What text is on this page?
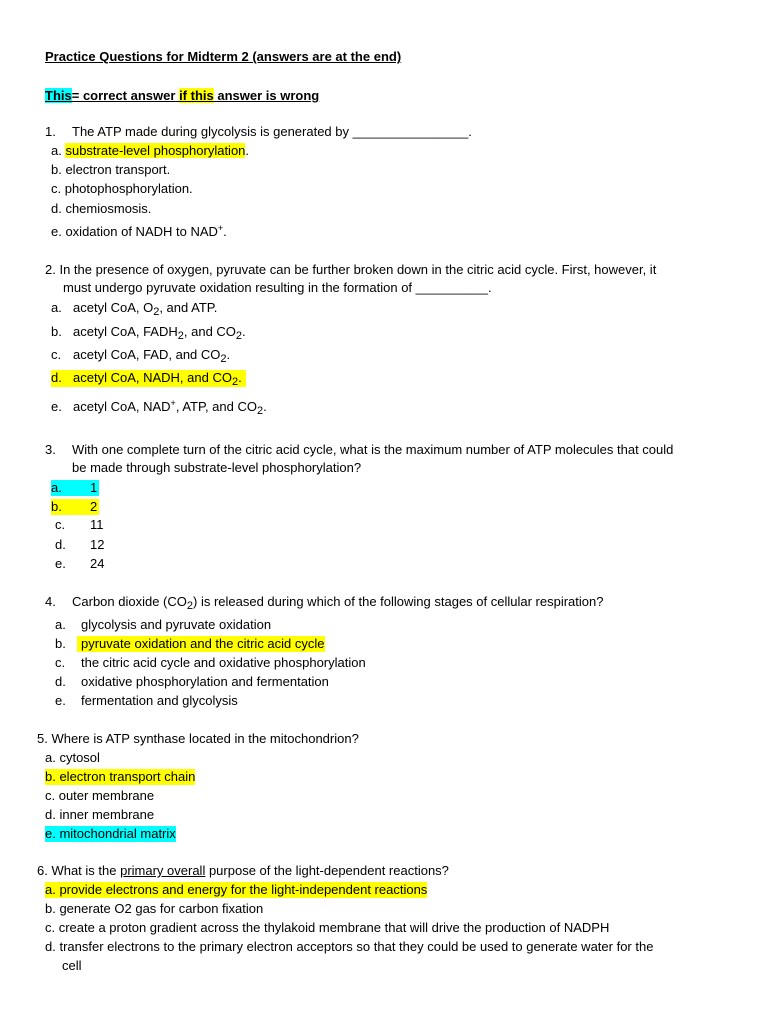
Practice Questions for Midterm 2 (answers are at the end)
This= correct answer if this answer is wrong
1. The ATP made during glycolysis is generated by ________________.
a. substrate-level phosphorylation.
b. electron transport.
c. photophosphorylation.
d. chemiosmosis.
e. oxidation of NADH to NAD+.
2. In the presence of oxygen, pyruvate can be further broken down in the citric acid cycle. First, however, it
must undergo pyruvate oxidation resulting in the formation of __________.
a. acetyl CoA, $O_2$, and ATP.
b. acetyl CoA, $FADH_2$, and $CO_2$.
c. acetyl CoA, FAD, and $CO_2$.
d. acetyl CoA, NADH, and $CO_2$.
e. acetyl CoA, NAD+, ATP, and $CO_2$.
3. With one complete turn of the citric acid cycle, what is the maximum number of ATP molecules that could
be made through substrate-level phosphorylation?
a. 1
b. 2
c. 11
d. 12
e. 24
4. Carbon dioxide $(CO_2)$ is released during which of the following stages of cellular respiration?
a. glycolysis and pyruvate oxidation
b.	pyruvate oxidation and the citric acid cycle
c. the citric acid cycle and oxidative phosphorylation
d. oxidative phosphorylation and fermentation
e. fermentation and glycolysis
5. Where is ATP synthase located in the mitochondrion?
a. cytosol
b. electron transport chain
c. outer membrane
d. inner membrane
e. mitochondrial matrix
6. What is the primary overall purpose of the light-dependent reactions?
a. provide electrons and energy for the light-independent reactions
b. generate O2 gas for carbon fixation
c. create a proton gradient across the thylakoid membrane that will drive the production of NADPH
d. transfer electrons to the primary electron acceptors so that they could be used to generate water for the
cell
